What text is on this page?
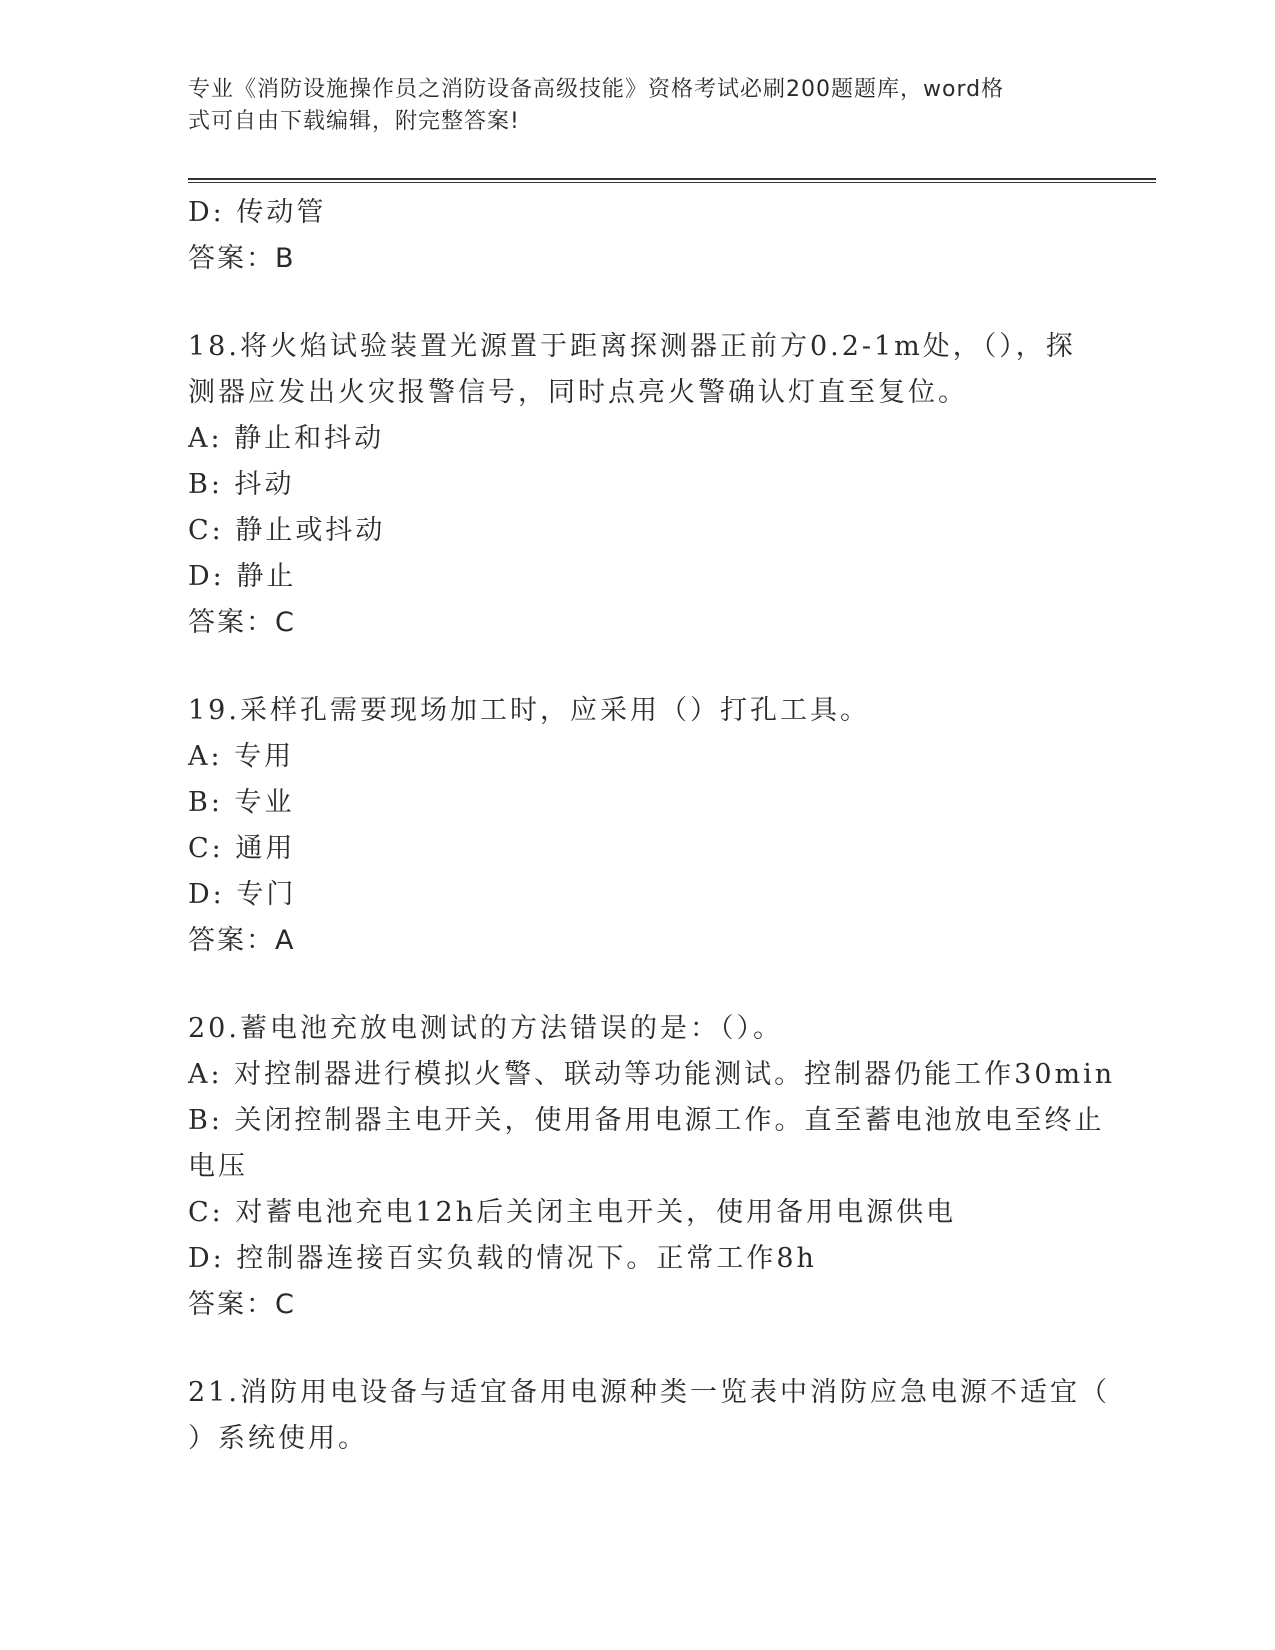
专业《消防设施操作员之消防设备高级技能》资格考试必刷200题题库，word格
式可自由下载编辑，附完整答案!
D: 传动管
答案：B
18.将火焰试验装置光源置于距离探测器正前方0.2-1m处，（），探
测器应发出火灾报警信号，同时点亮火警确认灯直至复位。
A: 静止和抖动
B: 抖动
C: 静止或抖动
D: 静止
答案：C
19.采样孔需要现场加工时，应采用（）打孔工具。
A: 专用
B: 专业
C: 通用
D: 专门
答案：A
20.蓄电池充放电测试的方法错误的是：（）。
A: 对控制器进行模拟火警、联动等功能测试。控制器仍能工作30min
B: 关闭控制器主电开关，使用备用电源工作。直至蓄电池放电至终止
电压
C: 对蓄电池充电12h后关闭主电开关，使用备用电源供电
D: 控制器连接百实负载的情况下。正常工作8h
答案：C
21.消防用电设备与适宜备用电源种类一览表中消防应急电源不适宜（
）系统使用。
